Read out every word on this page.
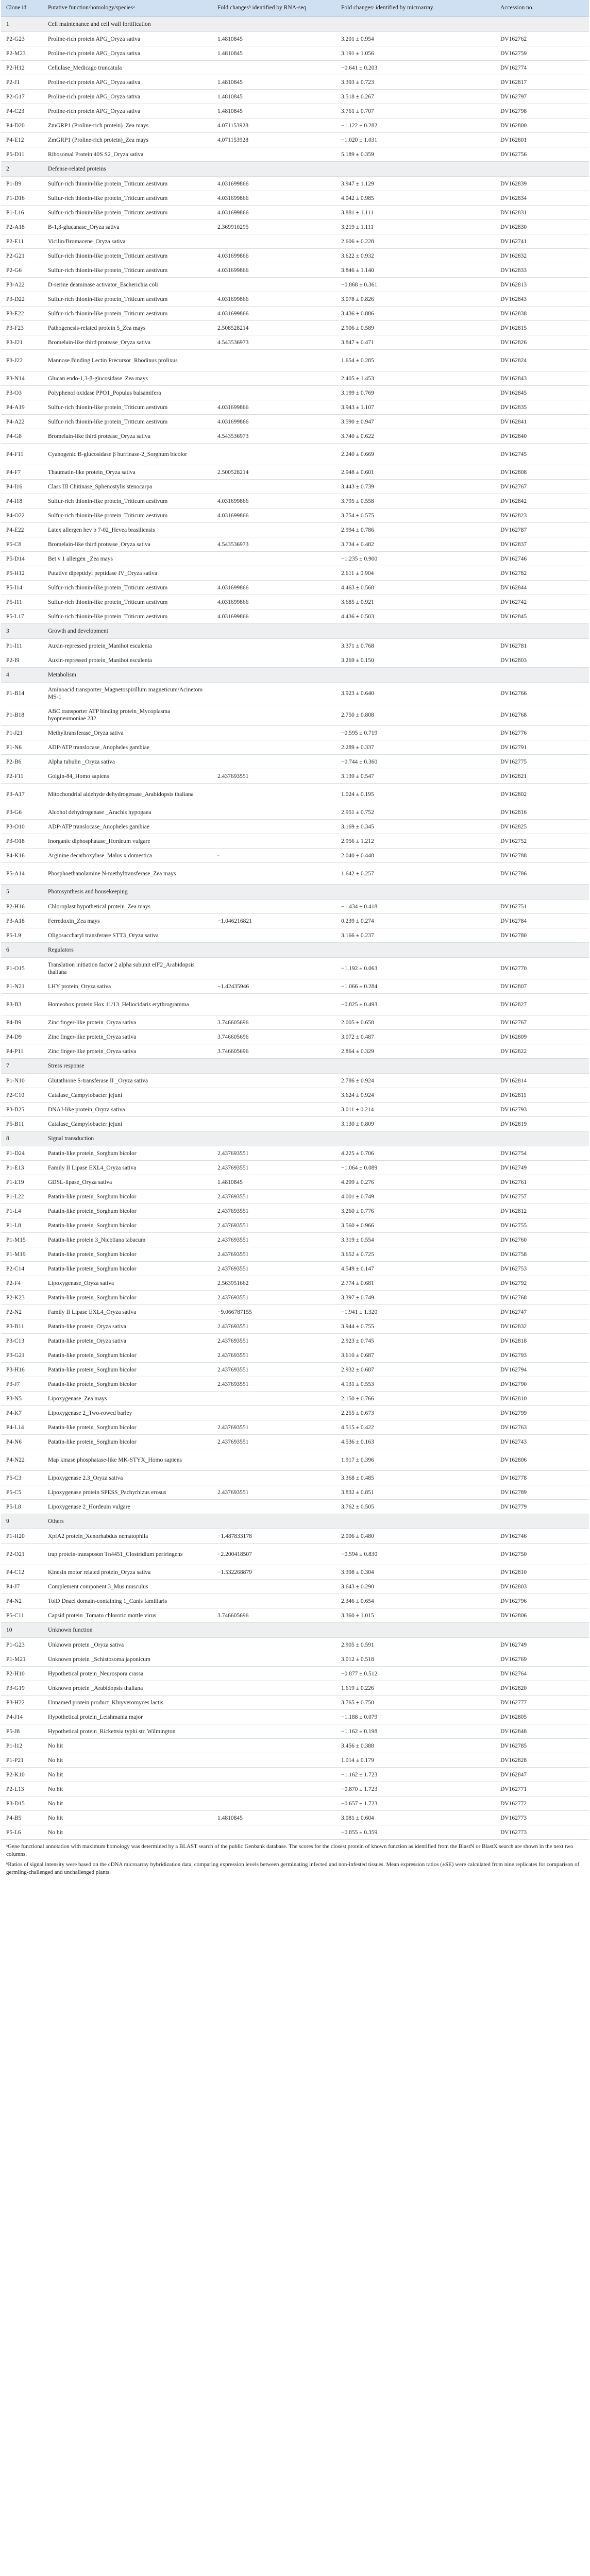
Clone id	Putative function/homology/speciesᵃ	Fold changesᵇ identified by RNA-seq	Fold changesᶜ identified by microarray	Accession no.
1	Cell maintenance and cell wall fortification			
P2-G23	Proline-rich protein APG_Oryza sativa	1.4810845	3.201 ± 0.954	DV162762
P2-M23	Proline-rich protein APG_Oryza sativa	1.4810845	3.191 ± 1.056	DV162759
P2-H12	Cellulase_Medicago truncatula		−0.641 ± 0.203	DV162774
P2-J1	Proline-rich protein APG_Oryza sativa	1.4810845	3.393 ± 0.723	DV162817
P2-G17	Proline-rich protein APG_Oryza sativa	1.4810845	3.518 ± 0.267	DV162797
P4-C23	Proline-rich protein APG_Oryza sativa	1.4810845	3.761 ± 0.707	DV162798
P4-D20	ZmGRP1 (Proline-rich protein)_Zea mays	4.071153928	−1.122 ± 0.282	DV162800
P4-E12	ZmGRP1 (Proline-rich protein)_Zea mays	4.071153928	−1.020 ± 1.031	DV162801
P5-D11	Ribosomal Protein 40S S2_Oryza sativa		5.189 ± 0.359	DV162756
2	Defense-related proteins			
P1-B9	Sulfur-rich thionin-like protein_Triticum aestivum	4.031699866	3.947 ± 1.129	DV162839
P1-D16	Sulfur-rich thionin-like protein_Triticum aestivum	4.031699866	4.042 ± 0.985	DV162834
P1-L16	Sulfur-rich thionin-like protein_Triticum aestivum	4.031699866	3.881 ± 1.111	DV162831
P2-A18	B-1,3-glucanase_Oryza sativa	2.369910295	3.219 ± 1.111	DV162830
P2-E11	Vicilin/Bromacene_Oryza sativa		2.606 ± 0.228	DV162741
P2-G21	Sulfur-rich thionin-like protein_Triticum aestivum	4.031699866	3.622 ± 0.932	DV162832
P2-G6	Sulfur-rich thionin-like protein_Triticum aestivum	4.031699866	3.846 ± 1.140	DV162833
P3-A22	D-serine deaminase activator_Escherichia coli		−0.868 ± 0.361	DV162813
P3-D22	Sulfur-rich thionin-like protein_Triticum aestivum	4.031699866	3.078 ± 0.826	DV162843
P3-E22	Sulfur-rich thionin-like protein_Triticum aestivum	4.031699866	3.436 ± 0.886	DV162838
P3-F23	Pathogenesis-related protein 5_Zea mays	2.508528214	2.906 ± 0.589	DV162815
P3-J21	Bromelain-like third protease_Oryza sativa	4.543536973	3.847 ± 0.471	DV162826
P3-J22	Mannose Binding Lectin Precursor_Rhodinus prolixus		1.654 ± 0.285	DV162824
P3-N14	Glucan endo-1,3-β-glucosidase_Zea mays		2.405 ± 1.453	DV162843
P3-O3	Polyphenol oxidase PPO1_Populus balsamifera		3.199 ± 0.769	DV162845
P4-A19	Sulfur-rich thionin-like protein_Triticum aestivum	4.031699866	3.943 ± 1.107	DV162835
P4-A22	Sulfur-rich thionin-like protein_Triticum aestivum	4.031699866	3.590 ± 0.947	DV162841
P4-G8	Bromelain-like third protease_Oryza sativa	4.543536973	3.740 ± 0.622	DV162840
P4-F11	Cyanogenic B-glucosidase β hurrinase-2_Sorghum bicolor		2.240 ± 0.669	DV162745
P4-F7	Thaumatin-like protein_Oryza sativa	2.500528214	2.948 ± 0.601	DV162808
P4-I16	Class III Chitinase_Sphenostylis stenocarpa		3.443 ± 0.739	DV162767
P4-I18	Sulfur-rich thionin-like protein_Triticum aestivum	4.031699866	3.795 ± 0.558	DV162842
P4-O22	Sulfur-rich thionin-like protein_Triticum aestivum	4.031699866	3.754 ± 0.575	DV162823
P4-E22	Latex allergen hev b 7-02_Hevea brasiliensis		2.994 ± 0.786	DV162787
P5-C8	Bromelain-like third protease_Oryza sativa	4.543536973	3.734 ± 0.482	DV162837
P5-D14	Bet v 1 allergen _Zea mays		−1.235 ± 0.900	DV162746
P5-H12	Putative dipeptidyl peptidase IV_Oryza sativa		2.611 ± 0.904	DV162782
P5-I14	Sulfur-rich thionin-like protein_Triticum aestivum	4.031699866	4.463 ± 0.568	DV162844
P5-I11	Sulfur-rich thionin-like protein_Triticum aestivum	4.031699866	3.685 ± 0.921	DV162742
P5-L17	Sulfur-rich thionin-like protein_Triticum aestivum	4.031699866	4.436 ± 0.503	DV162845
3	Growth and development			
P1-I11	Auxin-repressed protein_Manihot esculenta		3.371 ± 0.768	DV162781
P2-I9	Auxin-repressed protein_Manihot esculenta		3.269 ± 0.150	DV162803
4	Metabolism			
P1-B14	Aminoacid transporter_Magnetospirillum magneticum/Acinetom MS-1		3.923 ± 0.640	DV162766
P1-B18	ABC transporter ATP binding protein_Mycoplasma hyopneumoniae 232		2.750 ± 0.808	DV162768
P1-J21	Methyltransferase_Oryza sativa		−0.595 ± 0.719	DV162776
P1-N6	ADP/ATP translocase_Anopheles gambiae		2.289 ± 0.337	DV162791
P2-B6	Alpha tubulin _Oryza sativa		−0.744 ± 0.360	DV162775
P2-F11	Golgin-84_Homo sapiens	2.437693551	3.139 ± 0.547	DV162821
P3-A17	Mitochondrial aldehyde dehydrogenase_Arabidopsis thaliana		1.024 ± 0.195	DV162802
P3-G6	Alcohol dehydrogenase _Arachis hypogaea		2.951 ± 0.752	DV162816
P3-O10	ADP/ATP translocase_Anopheles gambiae		3.169 ± 0.345	DV162825
P3-O18	Inorganic diphosphatase_Hordeum vulgare		2.956 ± 1.212	DV162752
P4-K16	Arginine decarboxylase_Malus x domestica	-	2.040 ± 0.448	DV162788
P5-A14	Phosphoethanolamine N-methyltransferase_Zea mays		1.642 ± 0.257	DV162786
5	Photosynthesis and housekeeping			
P2-H16	Chloroplast hypothetical protein_Zea mays		−1.434 ± 0.418	DV162751
P3-A18	Ferredoxin_Zea mays	−1.046216821	0.239 ± 0.274	DV162784
P5-L9	Oligosaccharyl transferase STT3_Oryza sativa		3.166 ± 0.237	DV162780
6	Regulators			
P1-O15	Translation initiation factor 2 alpha subunit eIF2_Arabidopsis thaliana		−1.192 ± 0.063	DV162770
P1-N21	LHY protein_Oryza sativa	−1.42435946	−1.066 ± 0.284	DV162807
P3-B3	Homeobox protein Hox 11/13_Heliocidaris erythrogramma		−0.825 ± 0.493	DV162827
P4-B9	Zinc finger-like protein_Oryza sativa	3.746605696	2.005 ± 0.658	DV162767
P4-D9	Zinc finger-like protein_Oryza sativa	3.746605696	3.072 ± 0.487	DV162809
P4-P11	Zinc finger-like protein_Oryza sativa	3.746605696	2.864 ± 0.329	DV162822
7	Stress response			
P1-N10	Glutathione S-transferase II _Oryza sativa		2.786 ± 0.924	DV162814
P2-C10	Catalase_Campylobacter jejuni		3.624 ± 0.924	DV162811
P3-B25	DNAJ-like protein_Oryza sativa		3.011 ± 0.214	DV162793
P5-B11	Catalase_Campylobacter jejuni		3.130 ± 0.809	DV162819
8	Signal transduction			
P1-D24	Patatin-like protein_Sorghum bicolor	2.437693551	4.225 ± 0.706	DV162754
P1-E13	Family II Lipase EXL4_Oryza sativa	2.437693551	−1.064 ± 0.089	DV162749
P1-E19	GDSL-lipase_Oryza sativa	1.4810845	4.299 ± 0.276	DV162761
P1-L22	Patatin-like protein_Sorghum bicolor	2.437693551	4.001 ± 0.749	DV162757
P1-L4	Patatin-like protein_Sorghum bicolor	2.437693551	3.260 ± 0.776	DV162812
P1-L8	Patatin-like protein_Sorghum bicolor	2.437693551	3.560 ± 0.966	DV162755
P1-M15	Patatin-like protein 3_Nicotiana tabacum	2.437693551	3.319 ± 0.554	DV162760
P1-M19	Patatin-like protein_Sorghum bicolor	2.437693551	3.652 ± 0.725	DV162758
P2-C14	Patatin-like protein_Sorghum bicolor	2.437693551	4.549 ± 0.147	DV162753
P2-F4	Lipoxygenase_Oryza sativa	2.563951662	2.774 ± 0.681	DV162792
P2-K23	Patatin-like protein_Sorghum bicolor	2.437693551	3.397 ± 0.749	DV162768
P2-N2	Family II Lipase EXL4_Oryza sativa	−9.066787155	−1.941 ± 1.320	DV162747
P3-B11	Patatin-like protein_Oryza sativa	2.437693551	3.944 ± 0.755	DV162832
P3-C13	Patatin-like protein_Oryza sativa	2.437693551	2.923 ± 0.745	DV162818
P3-G21	Patatin-like protein_Sorghum bicolor	2.437693551	3.610 ± 0.687	DV162793
P3-H16	Patatin-like protein_Sorghum bicolor	2.437693551	2.932 ± 0.687	DV162794
P3-J7	Patatin-like protein_Sorghum bicolor	2.437693551	4.131 ± 0.553	DV162790
P3-N5	Lipoxygenase_Zea mays		2.150 ± 0.766	DV162810
P4-K7	Lipoxygenase 2_Two-rowed barley		2.255 ± 0.673	DV162799
P4-L14	Patatin-like protein_Sorghum bicolor	2.437693551	4.515 ± 0.422	DV162763
P4-N6	Patatin-like protein_Sorghum bicolor	2.437693551	4.536 ± 0.163	DV162743
P4-N22	Map kinase phosphatase-like MK-STYX_Homo sapiens		1.917 ± 0.396	DV162806
P5-C3	Lipoxygenase 2.3_Oryza sativa		3.368 ± 0.485	DV162778
P5-C5	Lipoxygenase protein SPESS_Pachyrhizus erosus	2.437693551	3.832 ± 0.851	DV162789
P5-L8	Lipoxygenase 2_Hordeum vulgare		3.762 ± 0.505	DV162779
9	Others			
P1-H20	XpfA2 protein_Xenorhabdus nematophila	−1.487833178	2.006 ± 0.480	DV162746
P2-O21	trap protein-transposon Tn4451_Clostridium perfringens	−2.200418507	−0.594 ± 0.830	DV162750
P4-C12	Kinesin motor related protein_Oryza sativa	−1.532268879	3.398 ± 0.304	DV162810
P4-J7	Complement component 3_Mus musculus		3.643 ± 0.290	DV162803
P4-N2	TolD Dnael domain-containing 1_Canis familiaris		2.346 ± 0.654	DV162796
P5-C11	Capsid protein_Tomato chlorotic mottle virus	3.746605696	3.360 ± 1.015	DV162806
10	Unknown function			
P1-G23	Unknown protein _Oryza sativa		2.905 ± 0.591	DV162749
P1-M21	Unknown protein _Schistosoma japonicum		3.012 ± 0.518	DV162769
P2-H10	Hypothetical protein_Neurospora crassa		−0.877 ± 0.512	DV162764
P3-G19	Unknown protein _Arabidopsis thaliana		1.619 ± 0.226	DV162820
P3-H22	Unnamed protein product_Kluyveromyces lactis		3.765 ± 0.750	DV162777
P4-J14	Hypothetical protein_Leishmania major		−1.188 ± 0.079	DV162805
P5-J8	Hypothetical protein_Rickettsia typhi str. Wilmington		−1.162 ± 0.198	DV162848
P1-I12	No hit		3.456 ± 0.388	DV162785
P1-P21	No hit		1.014 ± 0.179	DV162828
P2-K10	No hit		−1.162 ± 1.723	DV162847
P2-L13	No hit		−0.870 ± 1.723	DV162771
P3-D15	No hit		−0.657 ± 1.723	DV162772
P4-B5	No hit	1.4810845	3.081 ± 0.604	DV162773
P5-L6	No hit		−0.855 ± 0.359	DV162773

ᵃGene functional annotation with maximum homology was determined by a BLAST search of the public Genbank database. The scores for the closest protein of known function as identified from the BlastN or BlastX search are shown in the next two columns.

ᵇRatios of signal intensity were based on the cDNA microarray hybridization data, comparing expression levels between germinating infected and non-infested tissues. Mean expression ratios (±SE) were calculated from nine replicates for comparison of germling-challenged and unchallenged plants.
